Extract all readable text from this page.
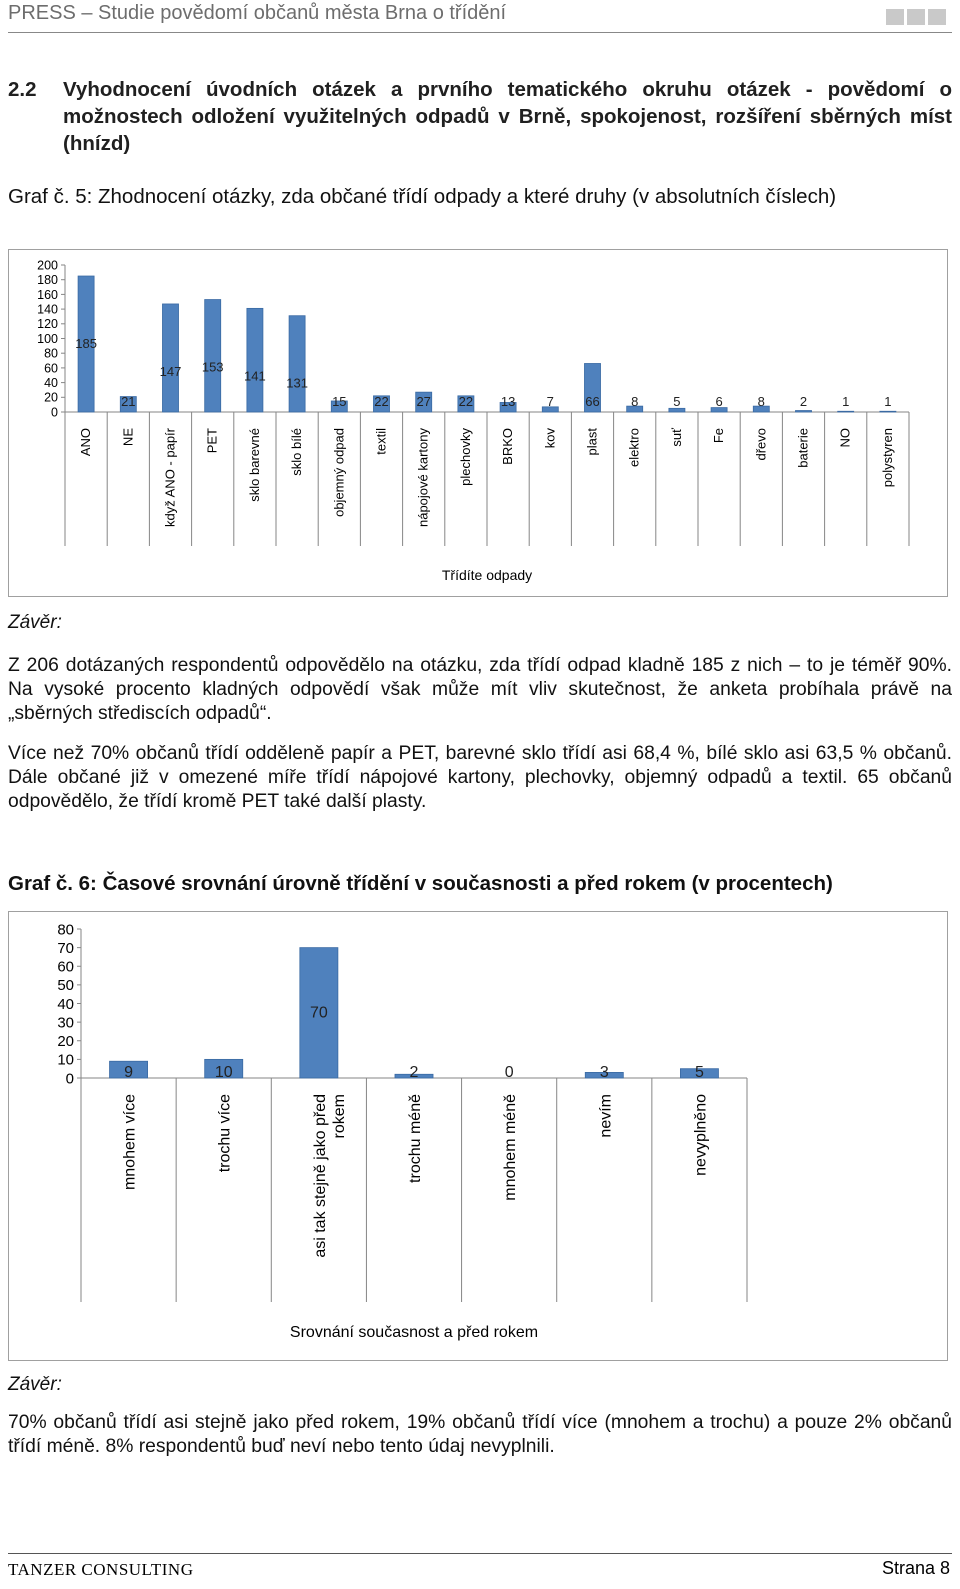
PRESS – Studie povědomí občanů města Brna o třídění
2.2	Vyhodnocení úvodních otázek a prvního tematického okruhu otázek - povědomí o možnostech odložení využitelných odpadů v Brně, spokojenost, rozšíření sběrných míst (hnízd)
Graf č. 5: Zhodnocení otázky, zda občané třídí odpady a které druhy (v absolutních číslech)
0
20
40
60
80
100
120
140
160
180
200
185
ANO
21
NE
147
když ANO - papír
153
PET
141
sklo barevné
131
sklo bílé
15
objemný odpad
22
textil
27
nápojové kartony
22
plechovky
13
BRKO
7
kov
66
plast
8
elektro
5
suť
6
Fe
8
dřevo
2
baterie
1
NO
1
polystyren
Třídíte odpady
Závěr:
Z 206 dotázaných respondentů odpovědělo na otázku, zda třídí odpad kladně 185 z nich – to je téměř 90%. Na vysoké procento kladných odpovědí však může mít vliv skutečnost, že anketa probíhala právě na „sběrných střediscích odpadů“.
Více než 70% občanů třídí odděleně papír a PET, barevné sklo třídí asi 68,4 %, bílé sklo asi 63,5 % občanů. Dále občané již v omezené míře třídí nápojové kartony, plechovky, objemný odpadů a textil. 65 občanů odpovědělo, že třídí kromě PET také další plasty.
Graf č. 6: Časové srovnání úrovně třídění v současnosti a před rokem (v procentech)
0
10
20
30
40
50
60
70
80
9
mnohem více
10
trochu více
70
asi tak stejně jako před rokem
2
trochu méně
0
mnohem méně
3
nevím
5
nevyplněno
Srovnání současnost a před rokem
Závěr:
70% občanů třídí asi stejně jako před rokem, 19% občanů třídí více (mnohem a trochu) a pouze 2% občanů třídí méně. 8% respondentů buď neví nebo tento údaj nevyplnili.
TANZER CONSULTING	Strana 8
